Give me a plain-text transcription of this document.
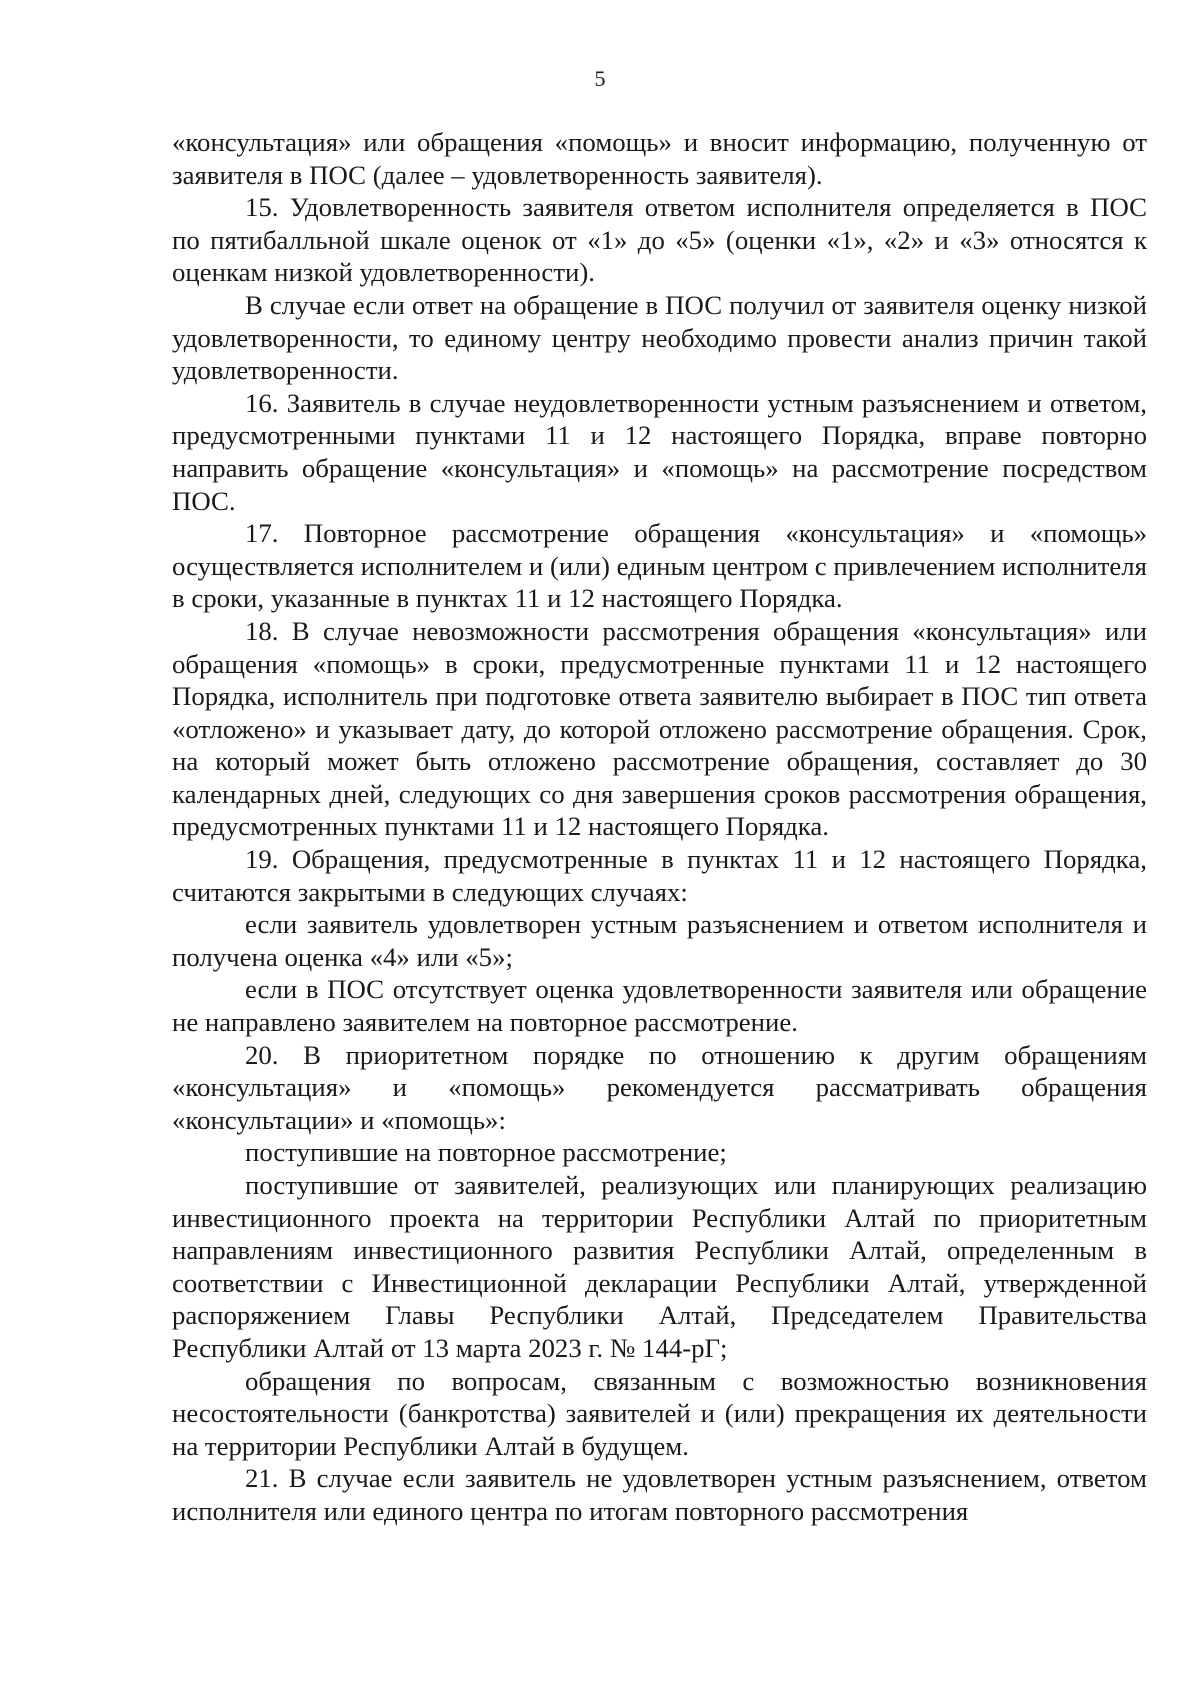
5

«консультация» или обращения «помощь» и вносит информацию, полученную от заявителя в ПОС (далее – удовлетворенность заявителя).

15. Удовлетворенность заявителя ответом исполнителя определяется в ПОС по пятибалльной шкале оценок от «1» до «5» (оценки «1», «2» и «3» относятся к оценкам низкой удовлетворенности).

В случае если ответ на обращение в ПОС получил от заявителя оценку низкой удовлетворенности, то единому центру необходимо провести анализ причин такой удовлетворенности.

16. Заявитель в случае неудовлетворенности устным разъяснением и ответом, предусмотренными пунктами 11 и 12 настоящего Порядка, вправе повторно направить обращение «консультация» и «помощь» на рассмотрение посредством ПОС.

17. Повторное рассмотрение обращения «консультация» и «помощь» осуществляется исполнителем и (или) единым центром с привлечением исполнителя в сроки, указанные в пунктах 11 и 12 настоящего Порядка.

18. В случае невозможности рассмотрения обращения «консультация» или обращения «помощь» в сроки, предусмотренные пунктами 11 и 12 настоящего Порядка, исполнитель при подготовке ответа заявителю выбирает в ПОС тип ответа «отложено» и указывает дату, до которой отложено рассмотрение обращения. Срок, на который может быть отложено рассмотрение обращения, составляет до 30 календарных дней, следующих со дня завершения сроков рассмотрения обращения, предусмотренных пунктами 11 и 12 настоящего Порядка.

19. Обращения, предусмотренные в пунктах 11 и 12 настоящего Порядка, считаются закрытыми в следующих случаях:

если заявитель удовлетворен устным разъяснением и ответом исполнителя и получена оценка «4» или «5»;

если в ПОС отсутствует оценка удовлетворенности заявителя или обращение не направлено заявителем на повторное рассмотрение.

20. В приоритетном порядке по отношению к другим обращениям «консультация» и «помощь» рекомендуется рассматривать обращения «консультации» и «помощь»:

поступившие на повторное рассмотрение;

поступившие от заявителей, реализующих или планирующих реализацию инвестиционного проекта на территории Республики Алтай по приоритетным направлениям инвестиционного развития Республики Алтай, определенным в соответствии с Инвестиционной декларации Республики Алтай, утвержденной распоряжением Главы Республики Алтай, Председателем Правительства Республики Алтай от 13 марта 2023 г. № 144-рГ;

обращения по вопросам, связанным с возможностью возникновения несостоятельности (банкротства) заявителей и (или) прекращения их деятельности на территории Республики Алтай в будущем.

21. В случае если заявитель не удовлетворен устным разъяснением, ответом исполнителя или единого центра по итогам повторного рассмотрения
